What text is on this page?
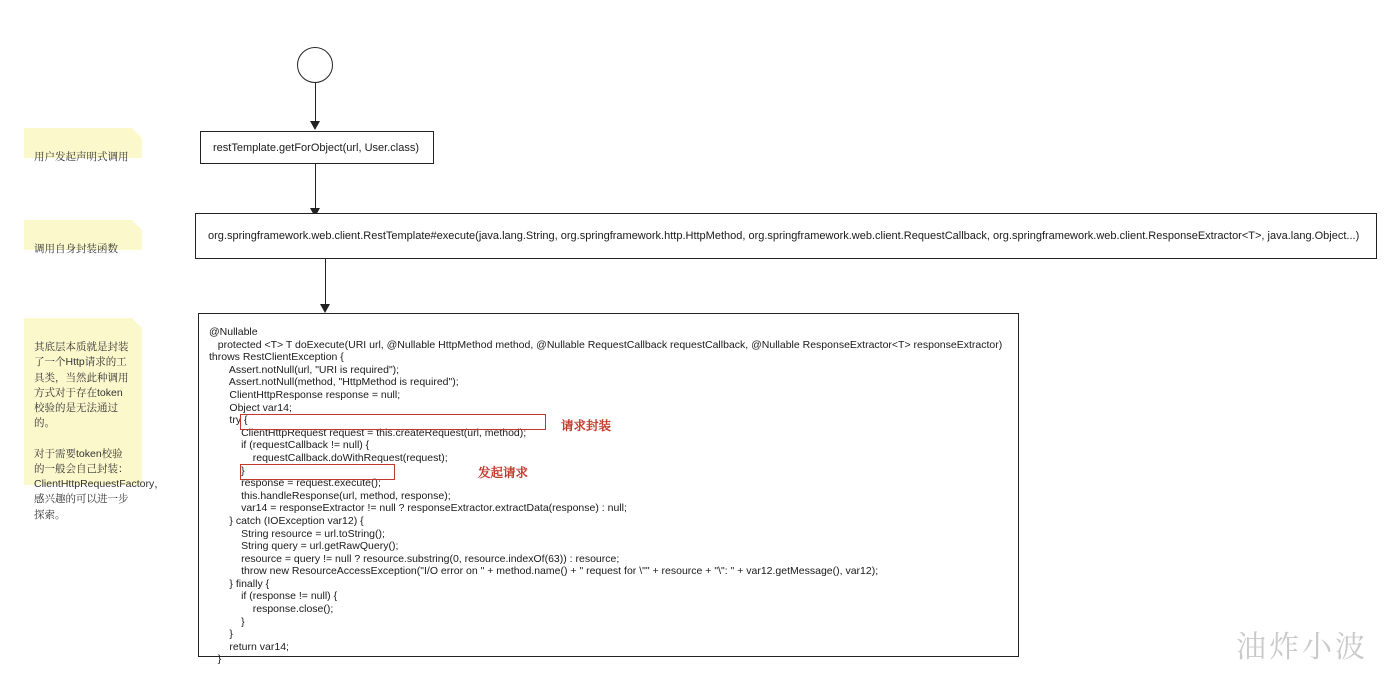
用户发起声明式调用

调用自身封装函数

其底层本质就是封装了一个Http请求的工具类，当然此种调用方式对于存在token校验的是无法通过的。

对于需要token校验的一般会自己封装：ClientHttpRequestFactory，感兴趣的可以进一步探索。

restTemplate.getForObject(url, User.class)
org.springframework.web.client.RestTemplate#execute(java.lang.String, org.springframework.http.HttpMethod, org.springframework.web.client.RequestCallback, org.springframework.web.client.ResponseExtractor<T>, java.lang.Object...)
@Nullable
protected <T> T doExecute(URI url, @Nullable HttpMethod method, @Nullable RequestCallback requestCallback, @Nullable ResponseExtractor<T> responseExtractor)
throws RestClientException {
Assert.notNull(url, "URI is required");
Assert.notNull(method, "HttpMethod is required");
ClientHttpResponse response = null;
Object var14;
try {
ClientHttpRequest request = this.createRequest(url, method);
if (requestCallback != null) {
requestCallback.doWithRequest(request);
}
response = request.execute();
this.handleResponse(url, method, response);
var14 = responseExtractor != null ? responseExtractor.extractData(response) : null;
} catch (IOException var12) {
String resource = url.toString();
String query = url.getRawQuery();
resource = query != null ? resource.substring(0, resource.indexOf(63)) : resource;
throw new ResourceAccessException("I/O error on " + method.name() + " request for \"" + resource + "\": " + var12.getMessage(), var12);
} finally {
if (response != null) {
response.close();
}
}
return var14;
}
请求封装
发起请求
油炸小波
